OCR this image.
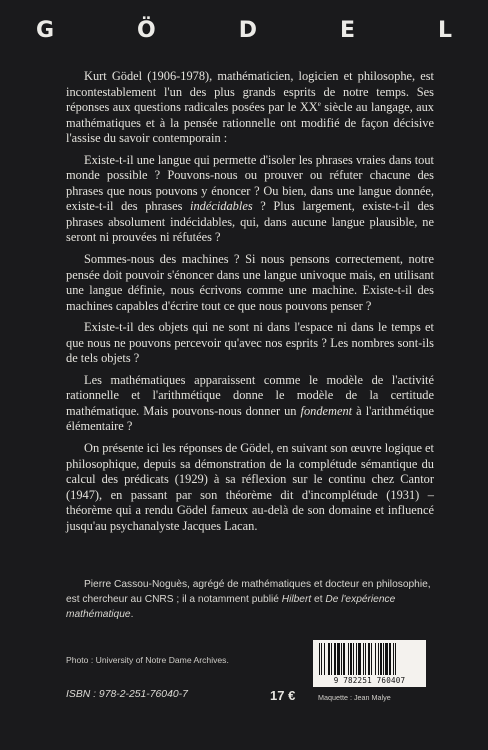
G	Ö	D	E	L

Kurt Gödel (1906-1978), mathématicien, logicien et philosophe, est incontestablement l'un des plus grands esprits de notre temps. Ses réponses aux questions radicales posées par le XXe siècle au langage, aux mathématiques et à la pensée rationnelle ont modifié de façon décisive l'assise du savoir contemporain :

Existe-t-il une langue qui permette d'isoler les phrases vraies dans tout monde possible ? Pouvons-nous ou prouver ou réfuter chacune des phrases que nous pouvons y énoncer ? Ou bien, dans une langue donnée, existe-t-il des phrases indécidables ? Plus largement, existe-t-il des phrases absolument indécidables, qui, dans aucune langue plausible, ne seront ni prouvées ni réfutées ?

Sommes-nous des machines ? Si nous pensons correctement, notre pensée doit pouvoir s'énoncer dans une langue univoque mais, en utilisant une langue définie, nous écrivons comme une machine. Existe-t-il des machines capables d'écrire tout ce que nous pouvons penser ?

Existe-t-il des objets qui ne sont ni dans l'espace ni dans le temps et que nous ne pouvons percevoir qu'avec nos esprits ? Les nombres sont-ils de tels objets ?

Les mathématiques apparaissent comme le modèle de l'activité rationnelle et l'arithmétique donne le modèle de la certitude mathématique. Mais pouvons-nous donner un fondement à l'arithmétique élémentaire ?

On présente ici les réponses de Gödel, en suivant son œuvre logique et philosophique, depuis sa démonstration de la complétude sémantique du calcul des prédicats (1929) à sa réflexion sur le continu chez Cantor (1947), en passant par son théorème dit d'incomplétude (1931) – théorème qui a rendu Gödel fameux au-delà de son domaine et influencé jusqu'au psychanalyste Jacques Lacan.

Pierre Cassou-Noguès, agrégé de mathématiques et docteur en philosophie, est chercheur au CNRS ; il a notamment publié Hilbert et De l'expérience mathématique.
Photo : University of Notre Dame Archives.
9 782251 760407
ISBN : 978-2-251-76040-7	17 €	Maquette : Jean Malye
